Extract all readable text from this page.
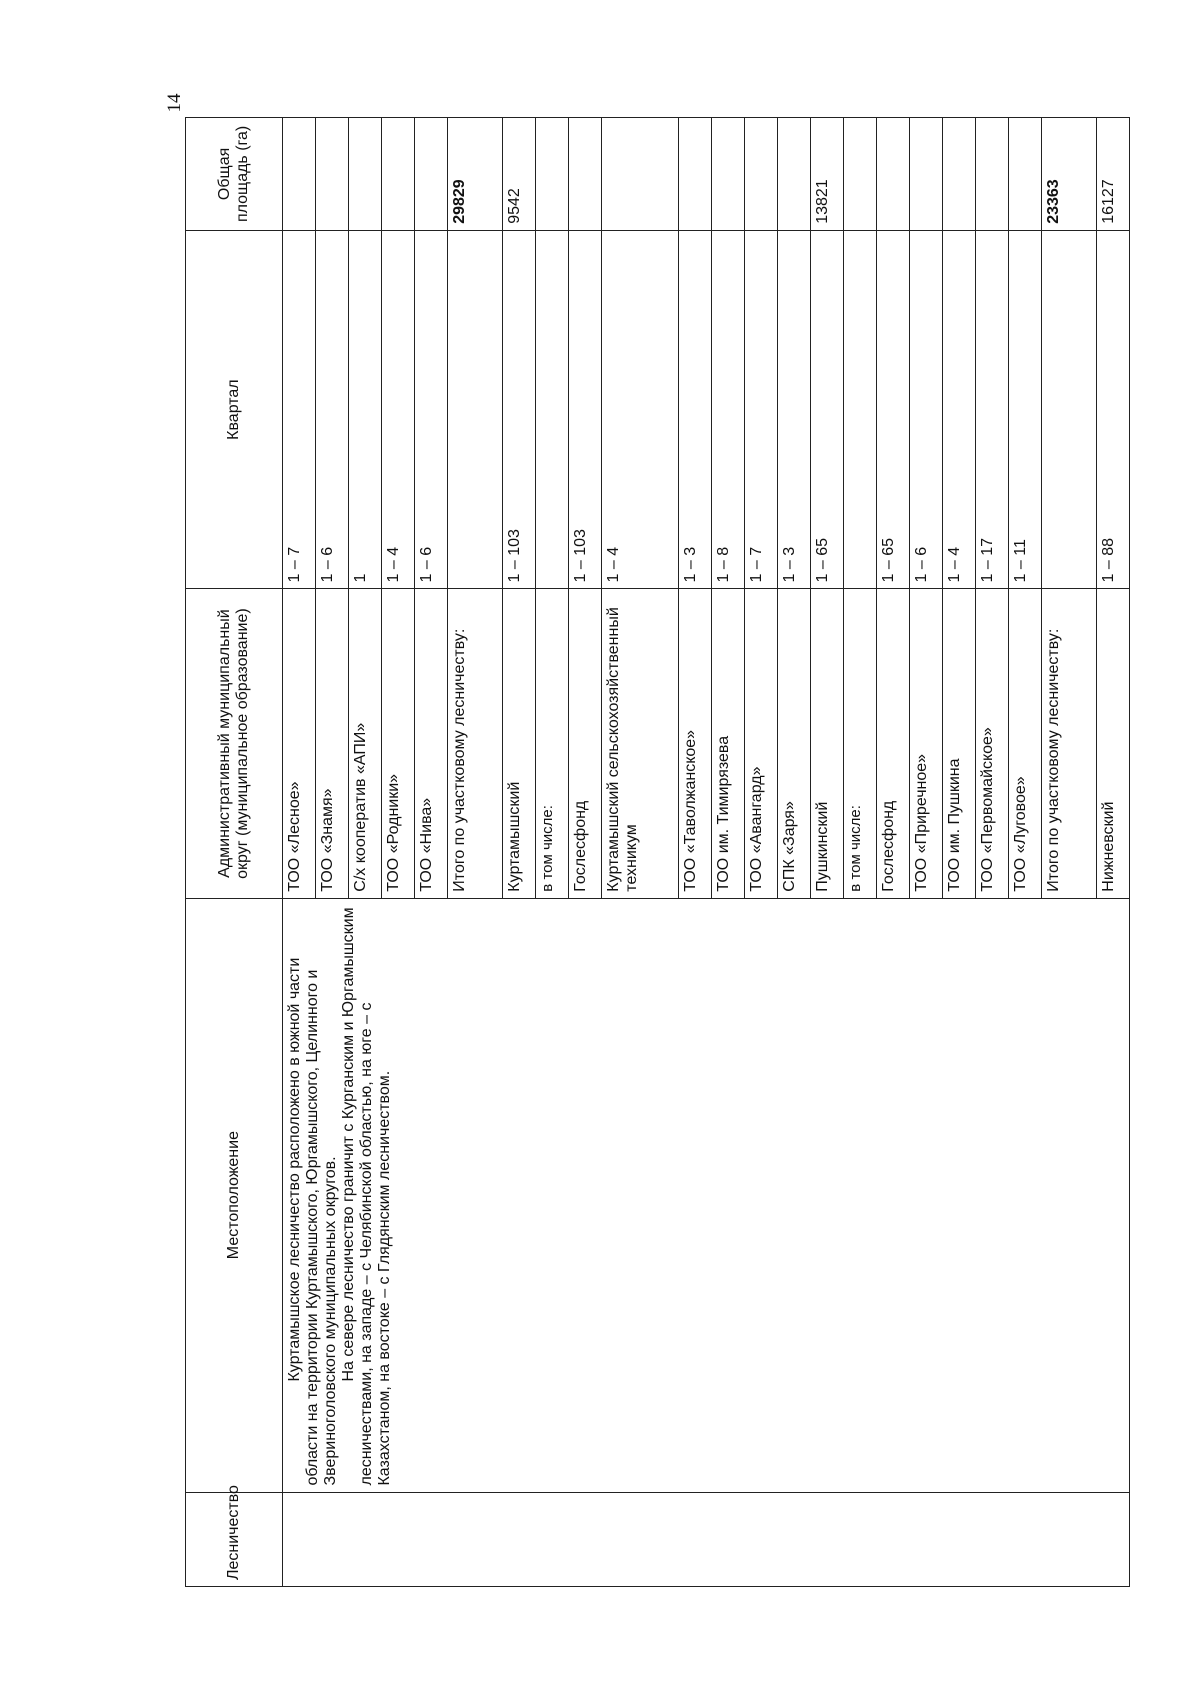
14
Лесничество	Местоположение	Административный муниципальный округ (муниципальное образование)	Квартал	Общая площадь (га)

	Куртамышское лесничество расположено в южной части области на территории Куртамышского, Юргамышского, Целинного и Звериноголовского муниципальных округов. На севере лесничество граничит с Курганским и Юргамышским лесничествами, на западе – с Челябинской областью, на юге – с Казахстаном, на востоке – с Глядянским лесничеством.	ТОО «Лесное»	1 – 7	
		ТОО «Знамя»	1 – 6	
		С/х кооператив «АПИ»	1	
		ТОО «Родники»	1 – 4	
		ТОО «Нива»	1 – 6	
		Итого по участковому лесничеству:		29829
		Куртамышский	1 – 103	9542
		в том числе:		
		Гослесфонд	1 – 103	
		Куртамышский сельскохозяйственный техникум	1 – 4	
		ТОО «Таволжанское»	1 – 3	
		ТОО им. Тимирязева	1 – 8	
		ТОО «Авангард»	1 – 7	
		СПК «Заря»	1 – 3	
		Пушкинский	1 – 65	13821
		в том числе:		
		Гослесфонд	1 – 65	
		ТОО «Приречное»	1 – 6	
		ТОО им. Пушкина	1 – 4	
		ТОО «Первомайское»	1 – 17	
		ТОО «Луговое»	1 – 11	
		Итого по участковому лесничеству:		23363
		Нижневский	1 – 88	16127
